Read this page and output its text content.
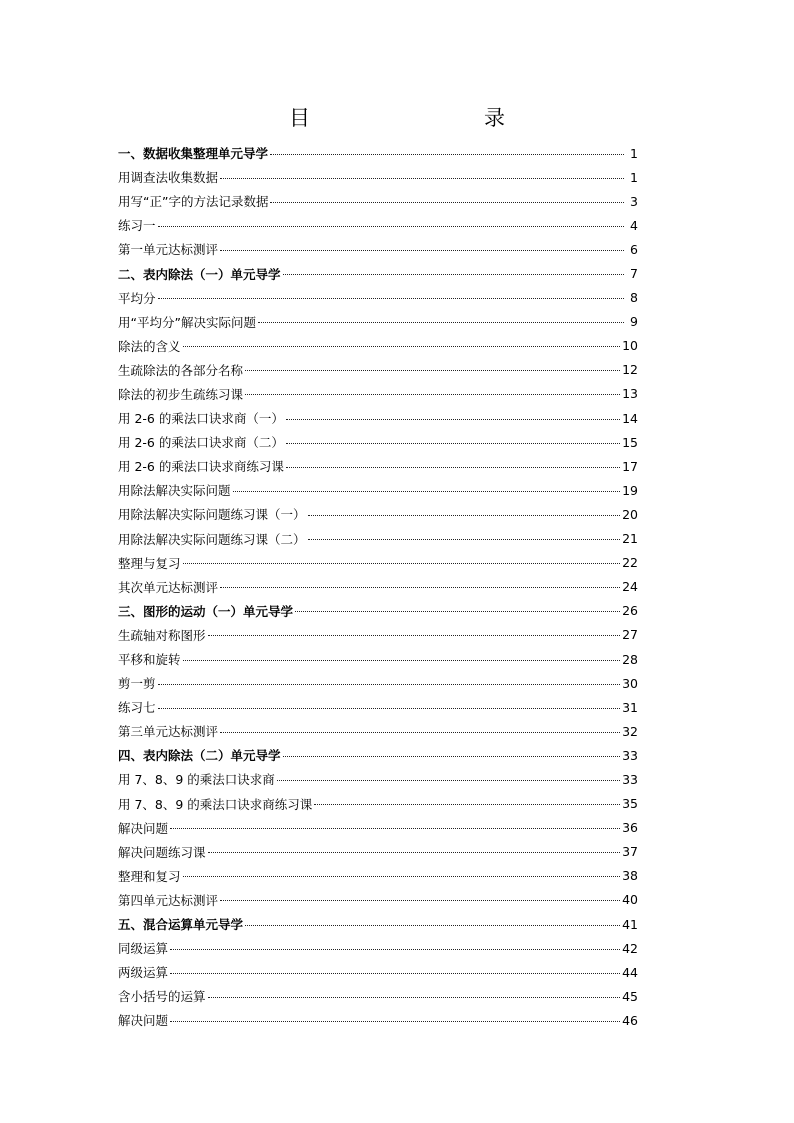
目　　录
一、数据收集整理单元导学	1
用调查法收集数据	1
用写“正”字的方法记录数据	3
练习一	4
第一单元达标测评	6
二、表内除法（一）单元导学	7
平均分	8
用“平均分”解决实际问题	9
除法的含义	10
生疏除法的各部分名称	12
除法的初步生疏练习课	13
用 2-6 的乘法口诀求商（一）	14
用 2-6 的乘法口诀求商（二）	15
用 2-6 的乘法口诀求商练习课	17
用除法解决实际问题	19
用除法解决实际问题练习课（一）	20
用除法解决实际问题练习课（二）	21
整理与复习	22
其次单元达标测评	24
三、图形的运动（一）单元导学	26
生疏轴对称图形	27
平移和旋转	28
剪一剪	30
练习七	31
第三单元达标测评	32
四、表内除法（二）单元导学	33
用 7、8、9 的乘法口诀求商	33
用 7、8、9 的乘法口诀求商练习课	35
解决问题	36
解决问题练习课	37
整理和复习	38
第四单元达标测评	40
五、混合运算单元导学	41
同级运算	42
两级运算	44
含小括号的运算	45
解决问题	46
